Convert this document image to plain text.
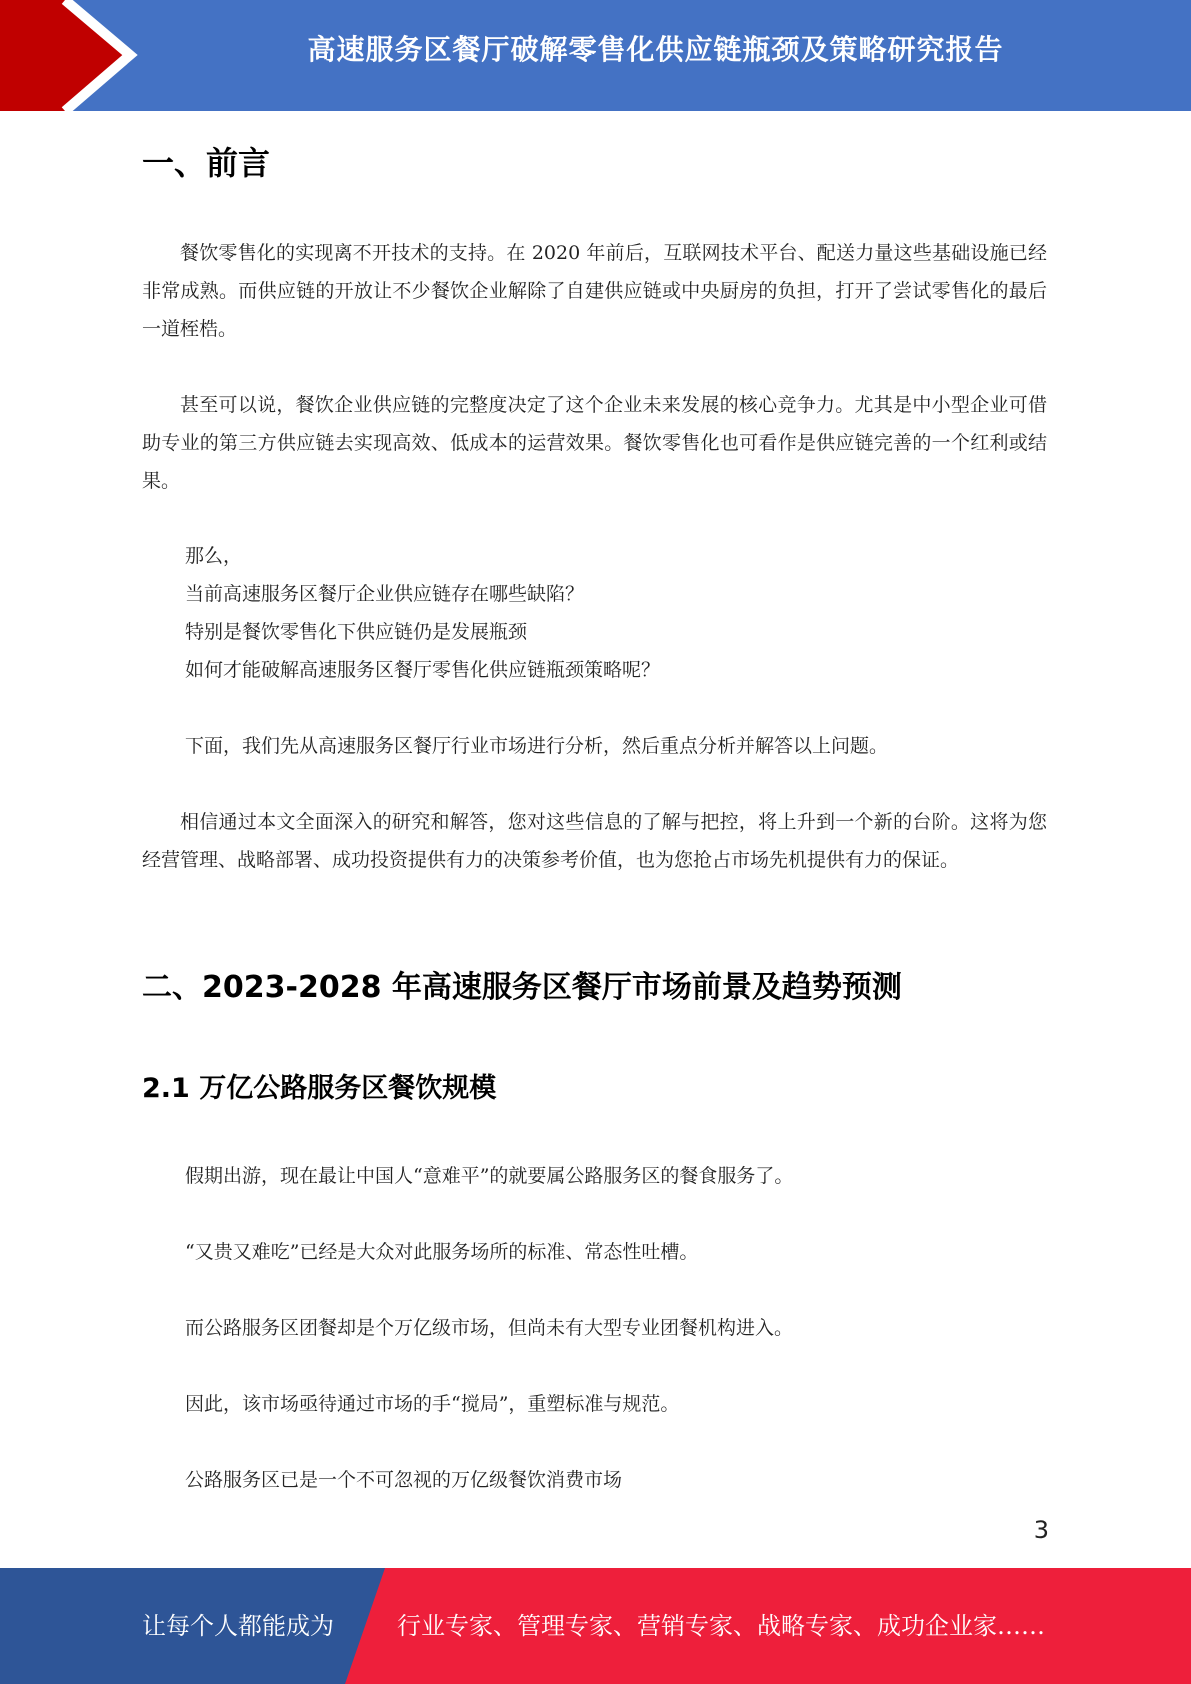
高速服务区餐厅破解零售化供应链瓶颈及策略研究报告
一、前言

餐饮零售化的实现离不开技术的支持。在 2020 年前后，互联网技术平台、配送力量这些基础设施已经非常成熟。而供应链的开放让不少餐饮企业解除了自建供应链或中央厨房的负担，打开了尝试零售化的最后一道桎梏。

甚至可以说，餐饮企业供应链的完整度决定了这个企业未来发展的核心竞争力。尤其是中小型企业可借助专业的第三方供应链去实现高效、低成本的运营效果。餐饮零售化也可看作是供应链完善的一个红利或结果。

那么，
当前高速服务区餐厅企业供应链存在哪些缺陷？
特别是餐饮零售化下供应链仍是发展瓶颈
如何才能破解高速服务区餐厅零售化供应链瓶颈策略呢？
下面，我们先从高速服务区餐厅行业市场进行分析，然后重点分析并解答以上问题。

相信通过本文全面深入的研究和解答，您对这些信息的了解与把控，将上升到一个新的台阶。这将为您经营管理、战略部署、成功投资提供有力的决策参考价值，也为您抢占市场先机提供有力的保证。

二、2023-2028 年高速服务区餐厅市场前景及趋势预测
2.1 万亿公路服务区餐饮规模
假期出游，现在最让中国人“意难平”的就要属公路服务区的餐食服务了。
“又贵又难吃”已经是大众对此服务场所的标准、常态性吐槽。
而公路服务区团餐却是个万亿级市场，但尚未有大型专业团餐机构进入。
因此，该市场亟待通过市场的手“搅局”，重塑标准与规范。
公路服务区已是一个不可忽视的万亿级餐饮消费市场
3
让每个人都能成为	行业专家、管理专家、营销专家、战略专家、成功企业家……
